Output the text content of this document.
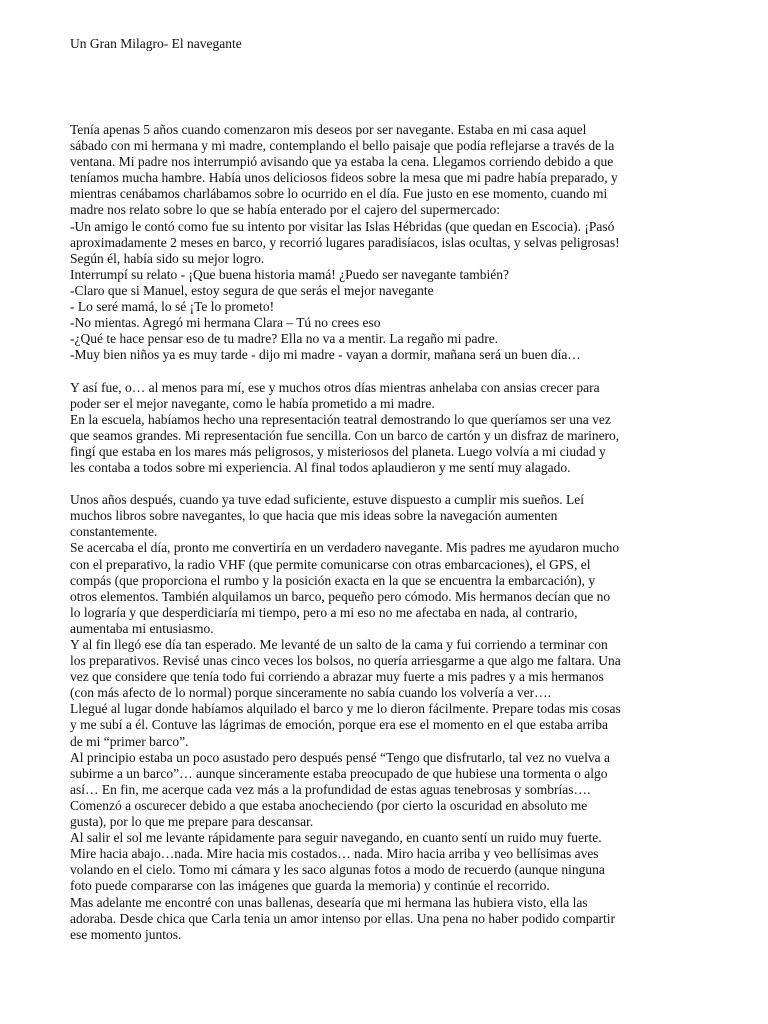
Un Gran Milagro- El navegante
Tenía apenas 5 años cuando comenzaron mis deseos por ser navegante. Estaba en mi casa aquel
sábado con mi hermana y mi madre, contemplando el bello paisaje que podía reflejarse a través de la
ventana. Mi padre nos interrumpió avisando que ya estaba la cena. Llegamos corriendo debido a que
teníamos mucha hambre. Había unos deliciosos fideos sobre la mesa que mi padre había preparado, y
mientras cenábamos charlábamos sobre lo ocurrido en el día. Fue justo en ese momento, cuando mi
madre nos relato sobre lo que se había enterado por el cajero del supermercado:
-Un amigo le contó como fue su intento por visitar las Islas Hébridas (que quedan en Escocia). ¡Pasó
aproximadamente 2 meses en barco, y recorrió lugares paradisíacos, islas ocultas, y selvas peligrosas!
Según él, había sido su mejor logro.
Interrumpí su relato - ¡Que buena historia mamá! ¿Puedo ser navegante también?
-Claro que si Manuel, estoy segura de que serás el mejor navegante
- Lo seré mamá, lo sé ¡Te lo prometo!
-No mientas. Agregó mi hermana Clara – Tú no crees eso
-¿Qué te hace pensar eso de tu madre? Ella no va a mentir. La regaño mi padre.
-Muy bien niños ya es muy tarde - dijo mi madre - vayan a dormir, mañana será un buen día…
Y así fue, o… al menos para mí, ese y muchos otros días mientras anhelaba con ansias crecer para
poder ser el mejor navegante, como le había prometido a mi madre.
En la escuela, habíamos hecho una representación teatral demostrando lo que queríamos ser una vez
que seamos grandes. Mi representación fue sencilla. Con un barco de cartón y un disfraz de marinero,
fingí que estaba en los mares más peligrosos, y misteriosos del planeta. Luego volvía a mi ciudad y
les contaba a todos sobre mi experiencia. Al final todos aplaudieron y me sentí muy alagado.
Unos años después, cuando ya tuve edad suficiente, estuve dispuesto a cumplir mis sueños. Leí
muchos libros sobre navegantes, lo que hacia que mis ideas sobre la navegación aumenten
constantemente.
Se acercaba el día, pronto me convertiría en un verdadero navegante. Mis padres me ayudaron mucho
con el preparativo, la radio VHF (que permite comunicarse con otras embarcaciones), el GPS, el
compás (que proporciona el rumbo y la posición exacta en la que se encuentra la embarcación), y
otros elementos. También alquilamos un barco, pequeño pero cómodo. Mis hermanos decían que no
lo lograría y que desperdiciaría mi tiempo, pero a mi eso no me afectaba en nada, al contrario,
aumentaba mi entusiasmo.
Y al fin llegó ese día tan esperado. Me levanté de un salto de la cama y fui corriendo a terminar con
los preparativos. Revisé unas cinco veces los bolsos, no quería arriesgarme a que algo me faltara. Una
vez que considere que tenía todo fui corriendo a abrazar muy fuerte a mis padres y a mis hermanos
(con más afecto de lo normal) porque sinceramente no sabía cuando los volvería a ver….
Llegué al lugar donde habíamos alquilado el barco y me lo dieron fácilmente. Prepare todas mis cosas
y me subí a él. Contuve las lágrimas de emoción, porque era ese el momento en el que estaba arriba
de mi “primer barco”.
Al principio estaba un poco asustado pero después pensé “Tengo que disfrutarlo, tal vez no vuelva a
subirme a un barco”… aunque sinceramente estaba preocupado de que hubiese una tormenta o algo
así… En fin, me acerque cada vez más a la profundidad de estas aguas tenebrosas y sombrías….
Comenzó a oscurecer debido a que estaba anocheciendo (por cierto la oscuridad en absoluto me
gusta), por lo que me prepare para descansar.
Al salir el sol me levante rápidamente para seguir navegando, en cuanto sentí un ruido muy fuerte.
Mire hacia abajo…nada. Mire hacia mis costados… nada. Miro hacia arriba y veo bellísimas aves
volando en el cielo. Tomo mi cámara y les saco algunas fotos a modo de recuerdo (aunque ninguna
foto puede compararse con las imágenes que guarda la memoria) y continúe el recorrido.
Mas adelante me encontré con unas ballenas, desearía que mi hermana las hubiera visto, ella las
adoraba. Desde chica que Carla tenia un amor intenso por ellas. Una pena no haber podido compartir
ese momento juntos.
